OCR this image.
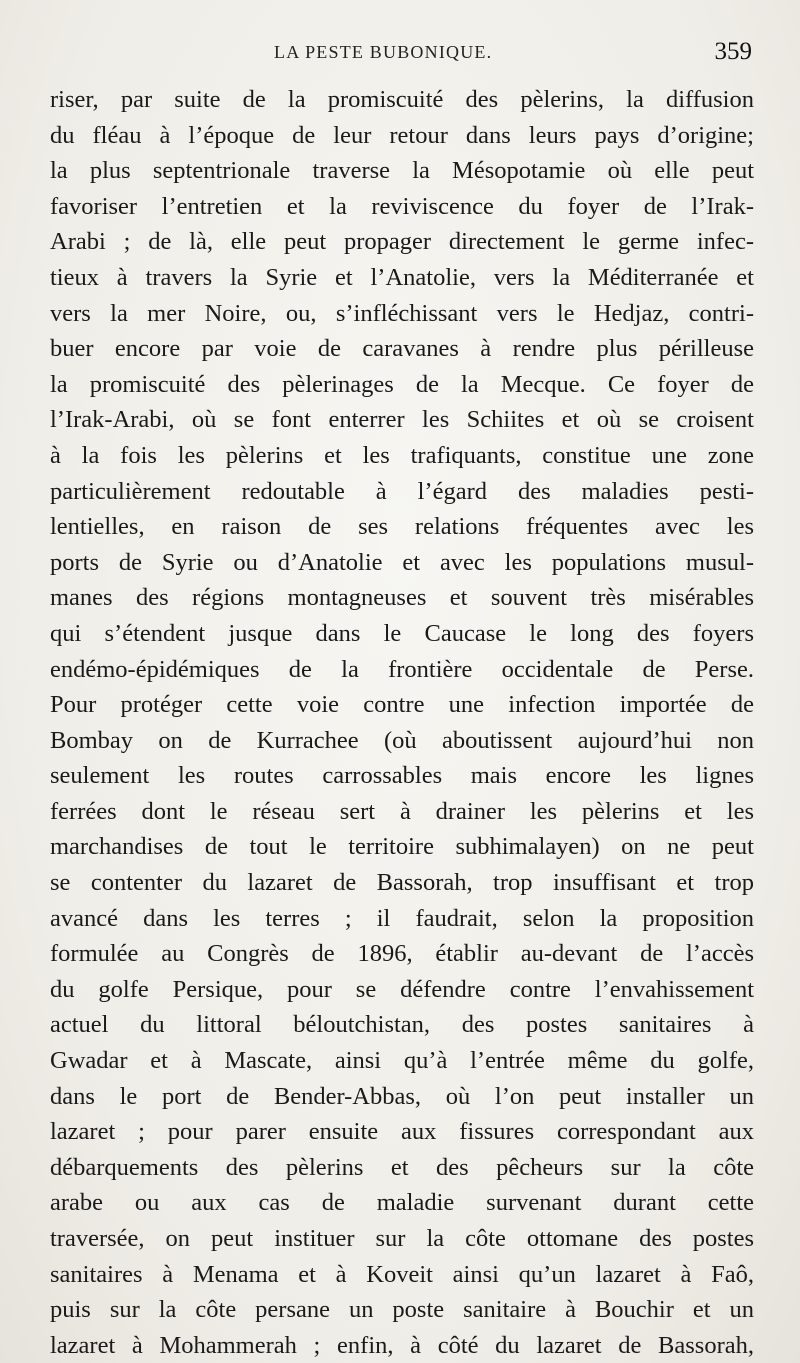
LA PESTE BUBONIQUE.	359
riser, par suite de la promiscuité des pèlerins, la diffusion
du fléau à l’époque de leur retour dans leurs pays d’origine;
la plus septentrionale traverse la Mésopotamie où elle peut
favoriser l’entretien et la reviviscence du foyer de l’Irak-
Arabi ; de là, elle peut propager directement le germe infec-
tieux à travers la Syrie et l’Anatolie, vers la Méditerranée et
vers la mer Noire, ou, s’infléchissant vers le Hedjaz, contri-
buer encore par voie de caravanes à rendre plus périlleuse
la promiscuité des pèlerinages de la Mecque. Ce foyer de
l’Irak-Arabi, où se font enterrer les Schiites et où se croisent
à la fois les pèlerins et les trafiquants, constitue une zone
particulièrement redoutable à l’égard des maladies pesti-
lentielles, en raison de ses relations fréquentes avec les
ports de Syrie ou d’Anatolie et avec les populations musul-
manes des régions montagneuses et souvent très misérables
qui s’étendent jusque dans le Caucase le long des foyers
endémo-épidémiques de la frontière occidentale de Perse.
Pour protéger cette voie contre une infection importée de
Bombay on de Kurrachee (où aboutissent aujourd’hui non
seulement les routes carrossables mais encore les lignes
ferrées dont le réseau sert à drainer les pèlerins et les
marchandises de tout le territoire subhimalayen) on ne peut
se contenter du lazaret de Bassorah, trop insuffisant et trop
avancé dans les terres ; il faudrait, selon la proposition
formulée au Congrès de 1896, établir au-devant de l’accès
du golfe Persique, pour se défendre contre l’envahissement
actuel du littoral béloutchistan, des postes sanitaires à
Gwadar et à Mascate, ainsi qu’à l’entrée même du golfe,
dans le port de Bender-Abbas, où l’on peut installer un
lazaret ; pour parer ensuite aux fissures correspondant aux
débarquements des pèlerins et des pêcheurs sur la côte
arabe ou aux cas de maladie survenant durant cette
traversée, on peut instituer sur la côte ottomane des postes
sanitaires à Menama et à Koveit ainsi qu’un lazaret à Faô,
puis sur la côte persane un poste sanitaire à Bouchir et un
lazaret à Mohammerah ; enfin, à côté du lazaret de Bassorah,
